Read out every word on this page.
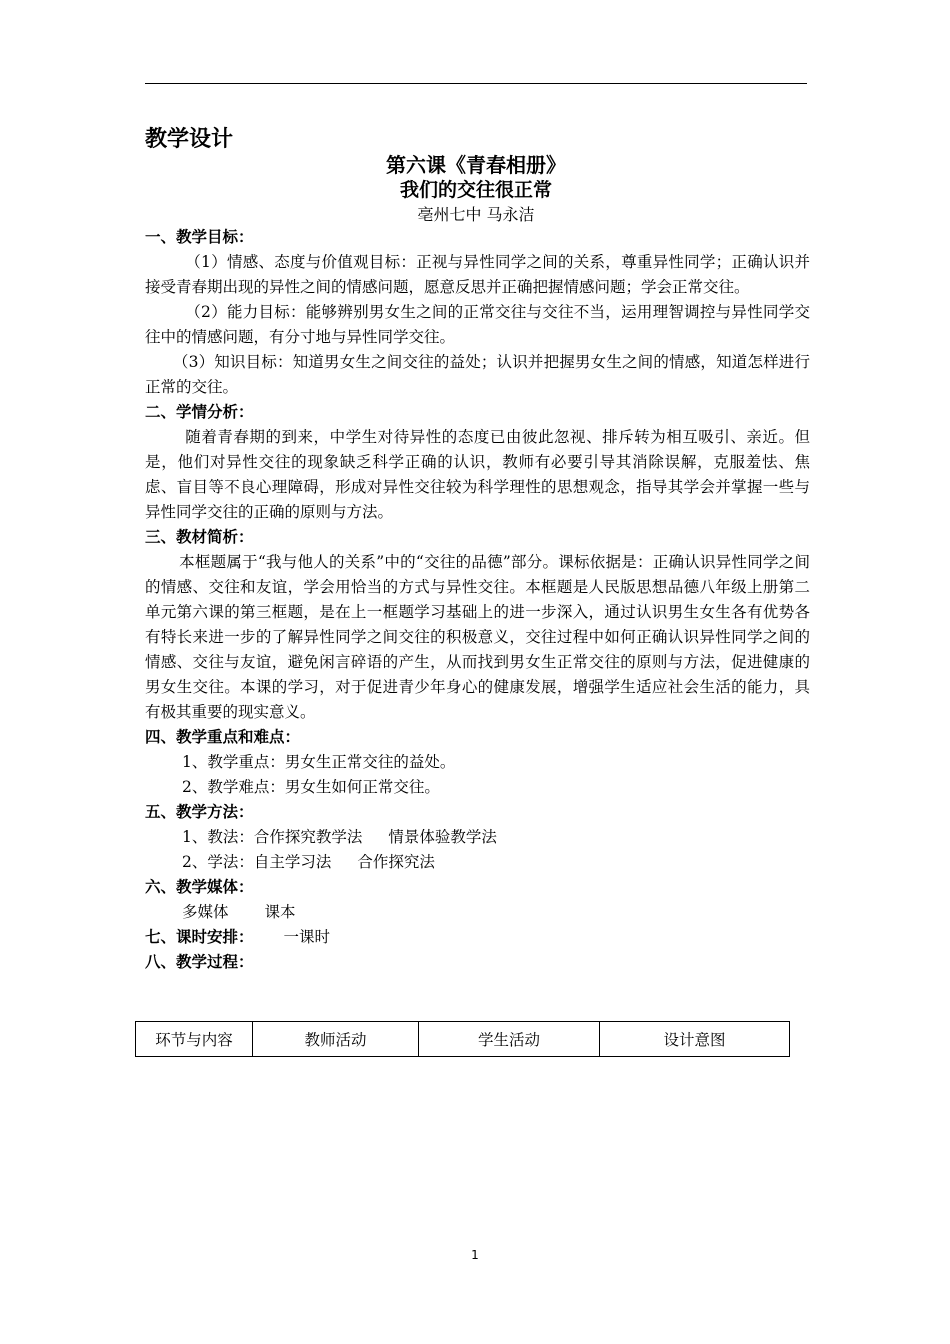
教学设计
第六课《青春相册》
我们的交往很正常
亳州七中 马永洁
一、教学目标：

（1）情感、态度与价值观目标：正视与异性同学之间的关系，尊重异性同学；正确认识并接受青春期出现的异性之间的情感问题，愿意反思并正确把握情感问题；学会正常交往。

（2）能力目标：能够辨别男女生之间的正常交往与交往不当，运用理智调控与异性同学交往中的情感问题，有分寸地与异性同学交往。

（3）知识目标：知道男女生之间交往的益处；认识并把握男女生之间的情感，知道怎样进行正常的交往。

二、学情分析：

随着青春期的到来，中学生对待异性的态度已由彼此忽视、排斥转为相互吸引、亲近。但是，他们对异性交往的现象缺乏科学正确的认识，教师有必要引导其消除误解，克服羞怯、焦虑、盲目等不良心理障碍，形成对异性交往较为科学理性的思想观念，指导其学会并掌握一些与异性同学交往的正确的原则与方法。

三、教材简析：

本框题属于“我与他人的关系”中的“交往的品德”部分。课标依据是：正确认识异性同学之间的情感、交往和友谊，学会用恰当的方式与异性交往。本框题是人民版思想品德八年级上册第二单元第六课的第三框题，是在上一框题学习基础上的进一步深入，通过认识男生女生各有优势各有特长来进一步的了解异性同学之间交往的积极意义，交往过程中如何正确认识异性同学之间的情感、交往与友谊，避免闲言碎语的产生，从而找到男女生正常交往的原则与方法，促进健康的男女生交往。本课的学习，对于促进青少年身心的健康发展，增强学生适应社会生活的能力，具有极其重要的现实意义。

四、教学重点和难点：
1、教学重点：男女生正常交往的益处。
2、教学难点：男女生如何正常交往。
五、教学方法：
1、教法：合作探究教学法 情景体验教学法
2、学法：自主学习法 合作探究法
六、教学媒体：
多媒体 课本
七、课时安排： 一课时
八、教学过程：
环节与内容	教师活动	学生活动	设计意图
1
